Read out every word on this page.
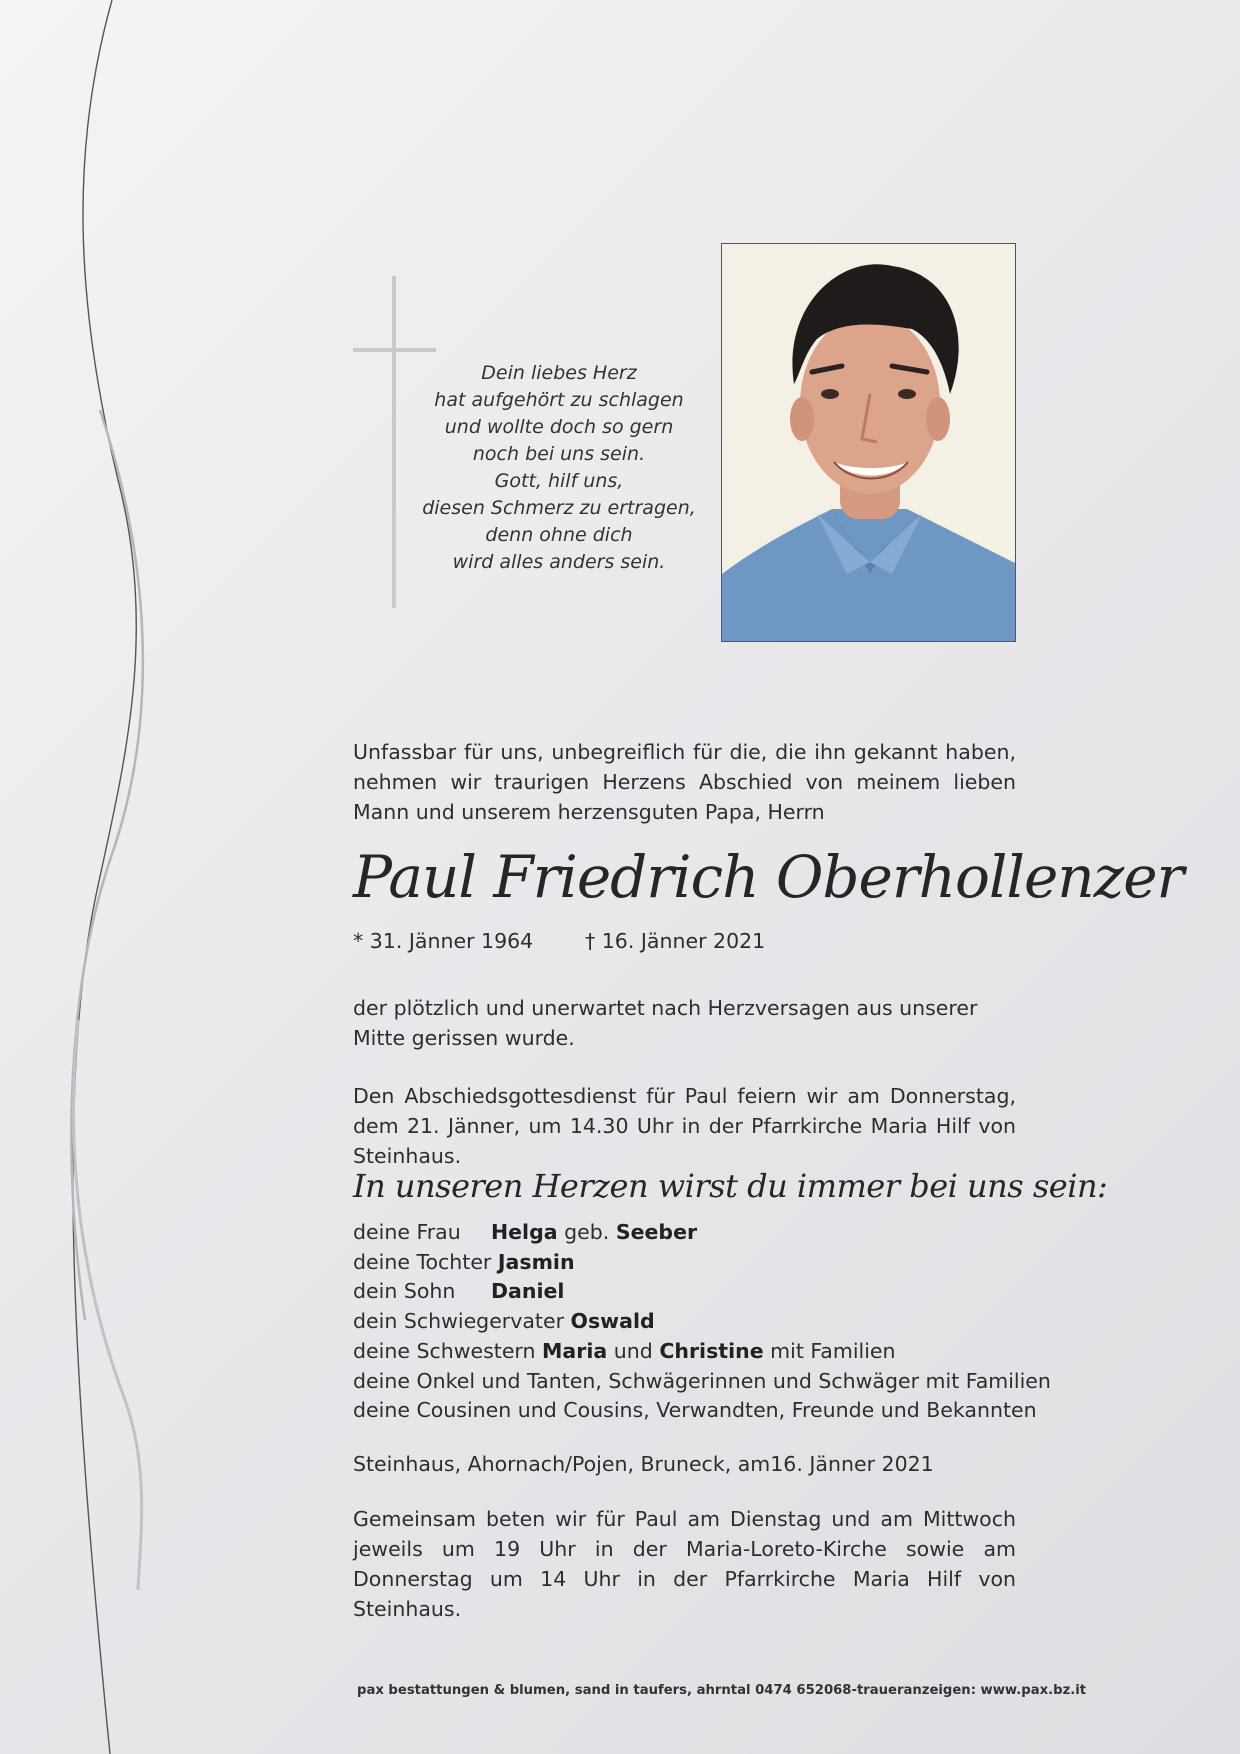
Dein liebes Herz
hat aufgehört zu schlagen
und wollte doch so gern
noch bei uns sein.
Gott, hilf uns,
diesen Schmerz zu ertragen,
denn ohne dich
wird alles anders sein.
Unfassbar für uns, unbegreiflich für die, die ihn gekannt haben, nehmen wir traurigen Herzens Abschied von meinem lieben Mann und unserem herzensguten Papa, Herrn
Paul Friedrich Oberhollenzer
* 31. Jänner 1964	† 16. Jänner 2021
der plötzlich und unerwartet nach Herzversagen aus unserer Mitte gerissen wurde.
Den Abschiedsgottesdienst für Paul feiern wir am Donnerstag, dem 21. Jänner, um 14.30 Uhr in der Pfarrkirche Maria Hilf von Steinhaus.
In unseren Herzen wirst du immer bei uns sein:
deine Frau Helga geb. Seeber
deine Tochter Jasmin
dein Sohn Daniel
dein Schwiegervater Oswald
deine Schwestern Maria und Christine mit Familien
deine Onkel und Tanten, Schwägerinnen und Schwäger mit Familien
deine Cousinen und Cousins, Verwandten, Freunde und Bekannten
Steinhaus, Ahornach/Pojen, Bruneck, am16. Jänner 2021
Gemeinsam beten wir für Paul am Dienstag und am Mittwoch jeweils um 19 Uhr in der Maria-Loreto-Kirche sowie am Donnerstag um 14 Uhr in der Pfarrkirche Maria Hilf von Steinhaus.
pax bestattungen & blumen, sand in taufers, ahrntal 0474 652068-traueranzeigen: www.pax.bz.it
